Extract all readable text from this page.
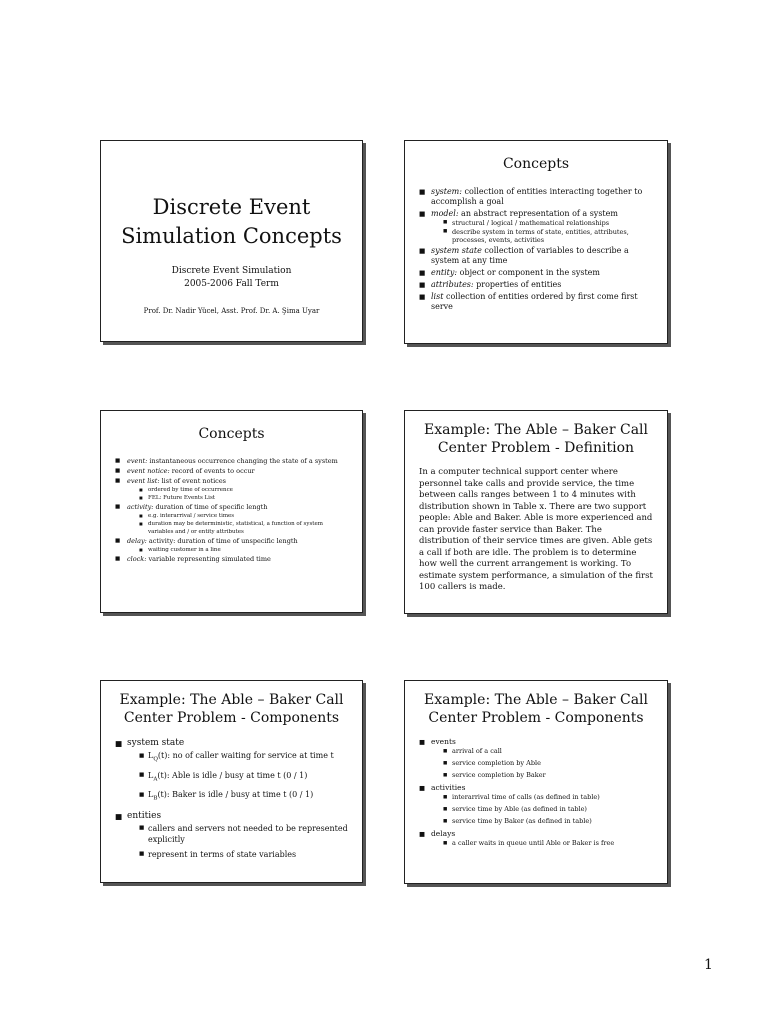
Discrete Event
Simulation Concepts
Discrete Event Simulation
2005-2006 Fall Term
Prof. Dr. Nadir Yücel, Asst. Prof. Dr. A. Şima Uyar
Concepts
■ system: collection of entities interacting together to accomplish a goal
■ model: an abstract representation of a system
■ structural / logical / mathematical relationships
■ describe system in terms of state, entities, attributes, processes, events, activities
■ system state collection of variables to describe a system at any time
■ entity: object or component in the system
■ attributes: properties of entities
■ list collection of entities ordered by first come first serve
Concepts
■ event: instantaneous occurrence changing the state of a system
■ event notice: record of events to occur
■ event list: list of event notices
■ ordered by time of occurrence
■ FEL: Future Events List
■ activity: duration of time of specific length
■ e.g. interarrival / service times
■ duration may be deterministic, statistical, a function of system variables and / or entity attributes
■ delay: activity: duration of time of unspecific length
■ waiting customer in a line
■ clock: variable representing simulated time
Example: The Able – Baker Call
Center Problem - Definition
In a computer technical support center where personnel take calls and provide service, the time between calls ranges between 1 to 4 minutes with distribution shown in Table x. There are two support people: Able and Baker. Able is more experienced and can provide faster service than Baker. The distribution of their service times are given. Able gets a call if both are idle. The problem is to determine how well the current arrangement is working. To estimate system performance, a simulation of the first 100 callers is made.
Example: The Able – Baker Call
Center Problem - Components
■ system state
■ $L_Q(t)$: no of caller waiting for service at time t
■ $L_A(t)$: Able is idle / busy at time t (0 / 1)
■ $L_B(t)$: Baker is idle / busy at time t (0 / 1)
■ entities
■ callers and servers not needed to be represented explicitly
■ represent in terms of state variables
Example: The Able – Baker Call
Center Problem - Components
■ events
■ arrival of a call
■ service completion by Able
■ service completion by Baker
■ activities
■ interarrival time of calls (as defined in table)
■ service time by Able (as defined in table)
■ service time by Baker (as defined in table)
■ delays
■ a caller waits in queue until Able or Baker is free
1
